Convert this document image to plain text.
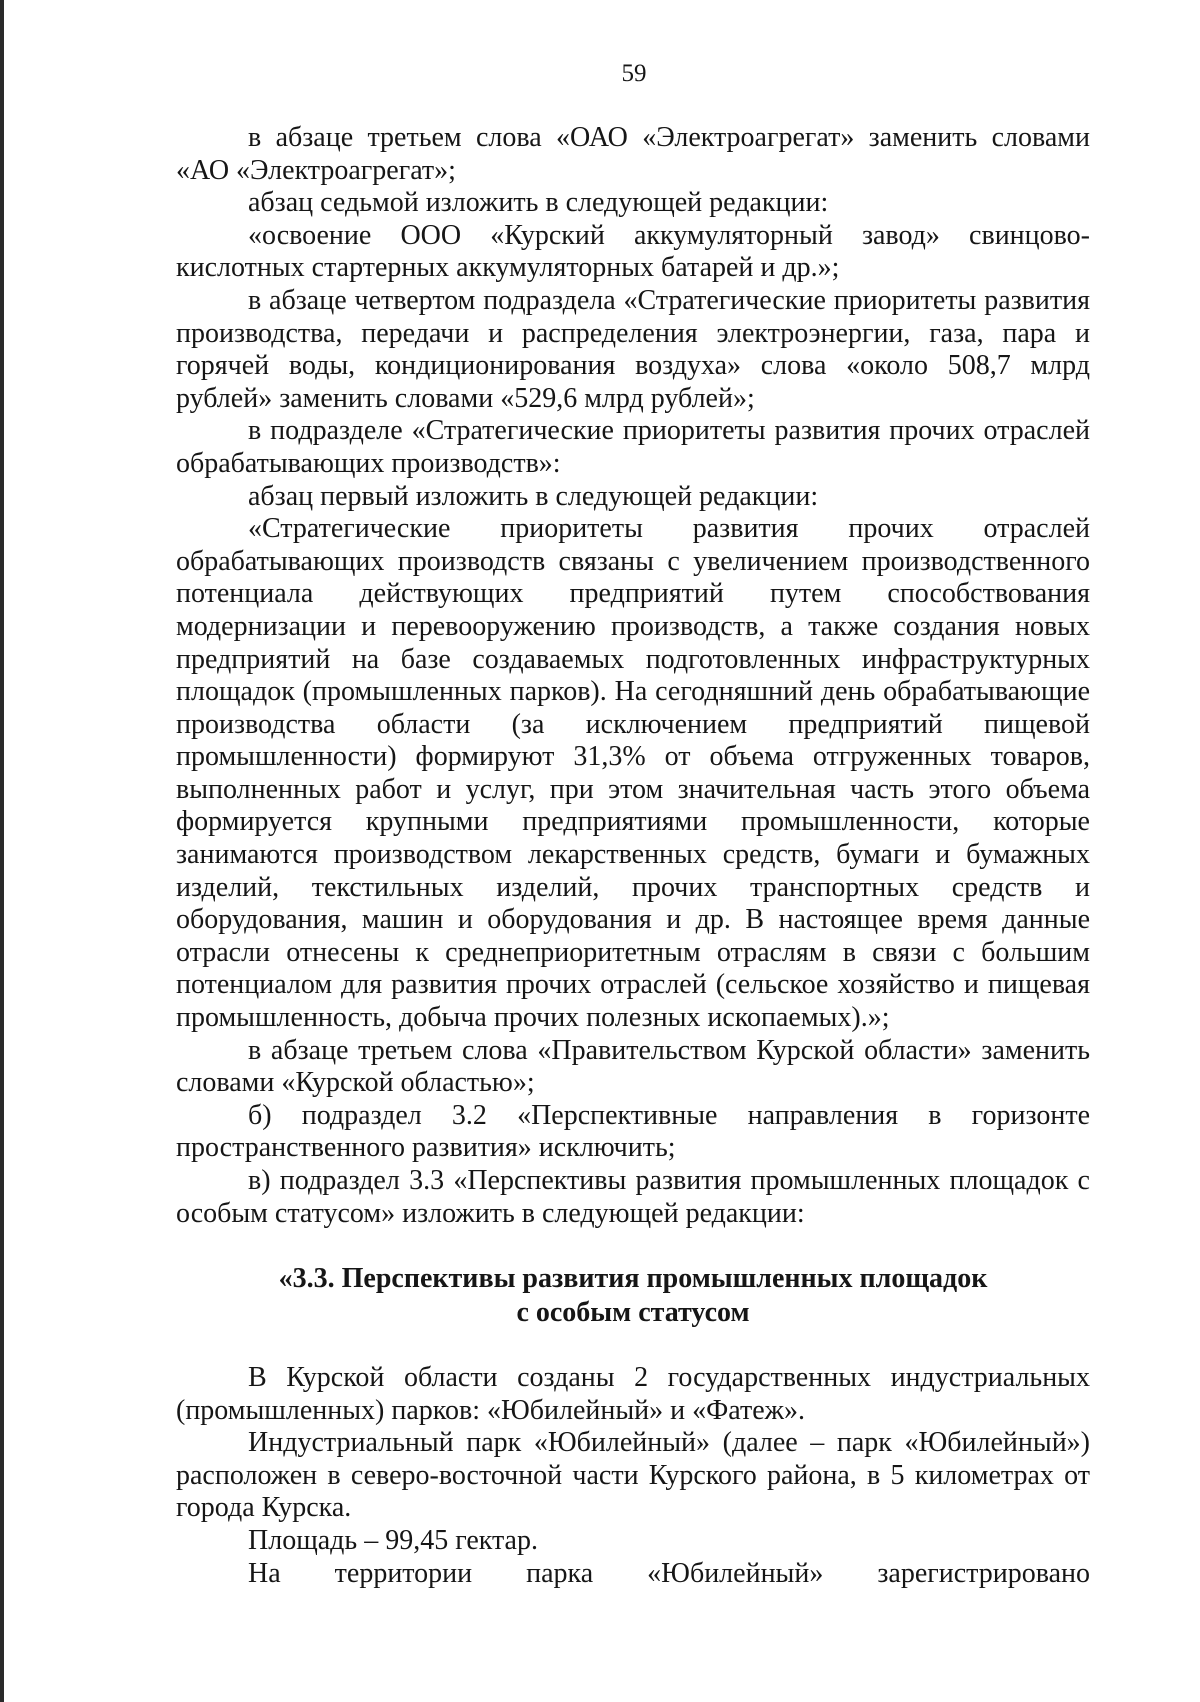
59

в абзаце третьем слова «ОАО «Электроагрегат» заменить словами «АО «Электроагрегат»;

абзац седьмой изложить в следующей редакции:

«освоение ООО «Курский аккумуляторный завод» свинцово-кислотных стартерных аккумуляторных батарей и др.»;

в абзаце четвертом подраздела «Стратегические приоритеты развития производства, передачи и распределения электроэнергии, газа, пара и горячей воды, кондиционирования воздуха» слова «около 508,7 млрд рублей» заменить словами «529,6 млрд рублей»;

в подразделе «Стратегические приоритеты развития прочих отраслей обрабатывающих производств»:

абзац первый изложить в следующей редакции:

«Стратегические приоритеты развития прочих отраслей обрабатывающих производств связаны с увеличением производственного потенциала действующих предприятий путем способствования модернизации и перевооружению производств, а также создания новых предприятий на базе создаваемых подготовленных инфраструктурных площадок (промышленных парков). На сегодняшний день обрабатывающие производства области (за исключением предприятий пищевой промышленности) формируют 31,3% от объема отгруженных товаров, выполненных работ и услуг, при этом значительная часть этого объема формируется крупными предприятиями промышленности, которые занимаются производством лекарственных средств, бумаги и бумажных изделий, текстильных изделий, прочих транспортных средств и оборудования, машин и оборудования и др. В настоящее время данные отрасли отнесены к среднеприоритетным отраслям в связи с большим потенциалом для развития прочих отраслей (сельское хозяйство и пищевая промышленность, добыча прочих полезных ископаемых).»;

в абзаце третьем слова «Правительством Курской области» заменить словами «Курской областью»;

б) подраздел 3.2 «Перспективные направления в горизонте пространственного развития» исключить;

в) подраздел 3.3 «Перспективы развития промышленных площадок с особым статусом» изложить в следующей редакции:

«3.3. Перспективы развития промышленных площадок
с особым статусом

В Курской области созданы 2 государственных индустриальных (промышленных) парков: «Юбилейный» и «Фатеж».

Индустриальный парк «Юбилейный» (далее – парк «Юбилейный») расположен в северо-восточной части Курского района, в 5 километрах от города Курска.

Площадь – 99,45 гектар.

На территории парка «Юбилейный» зарегистрировано
